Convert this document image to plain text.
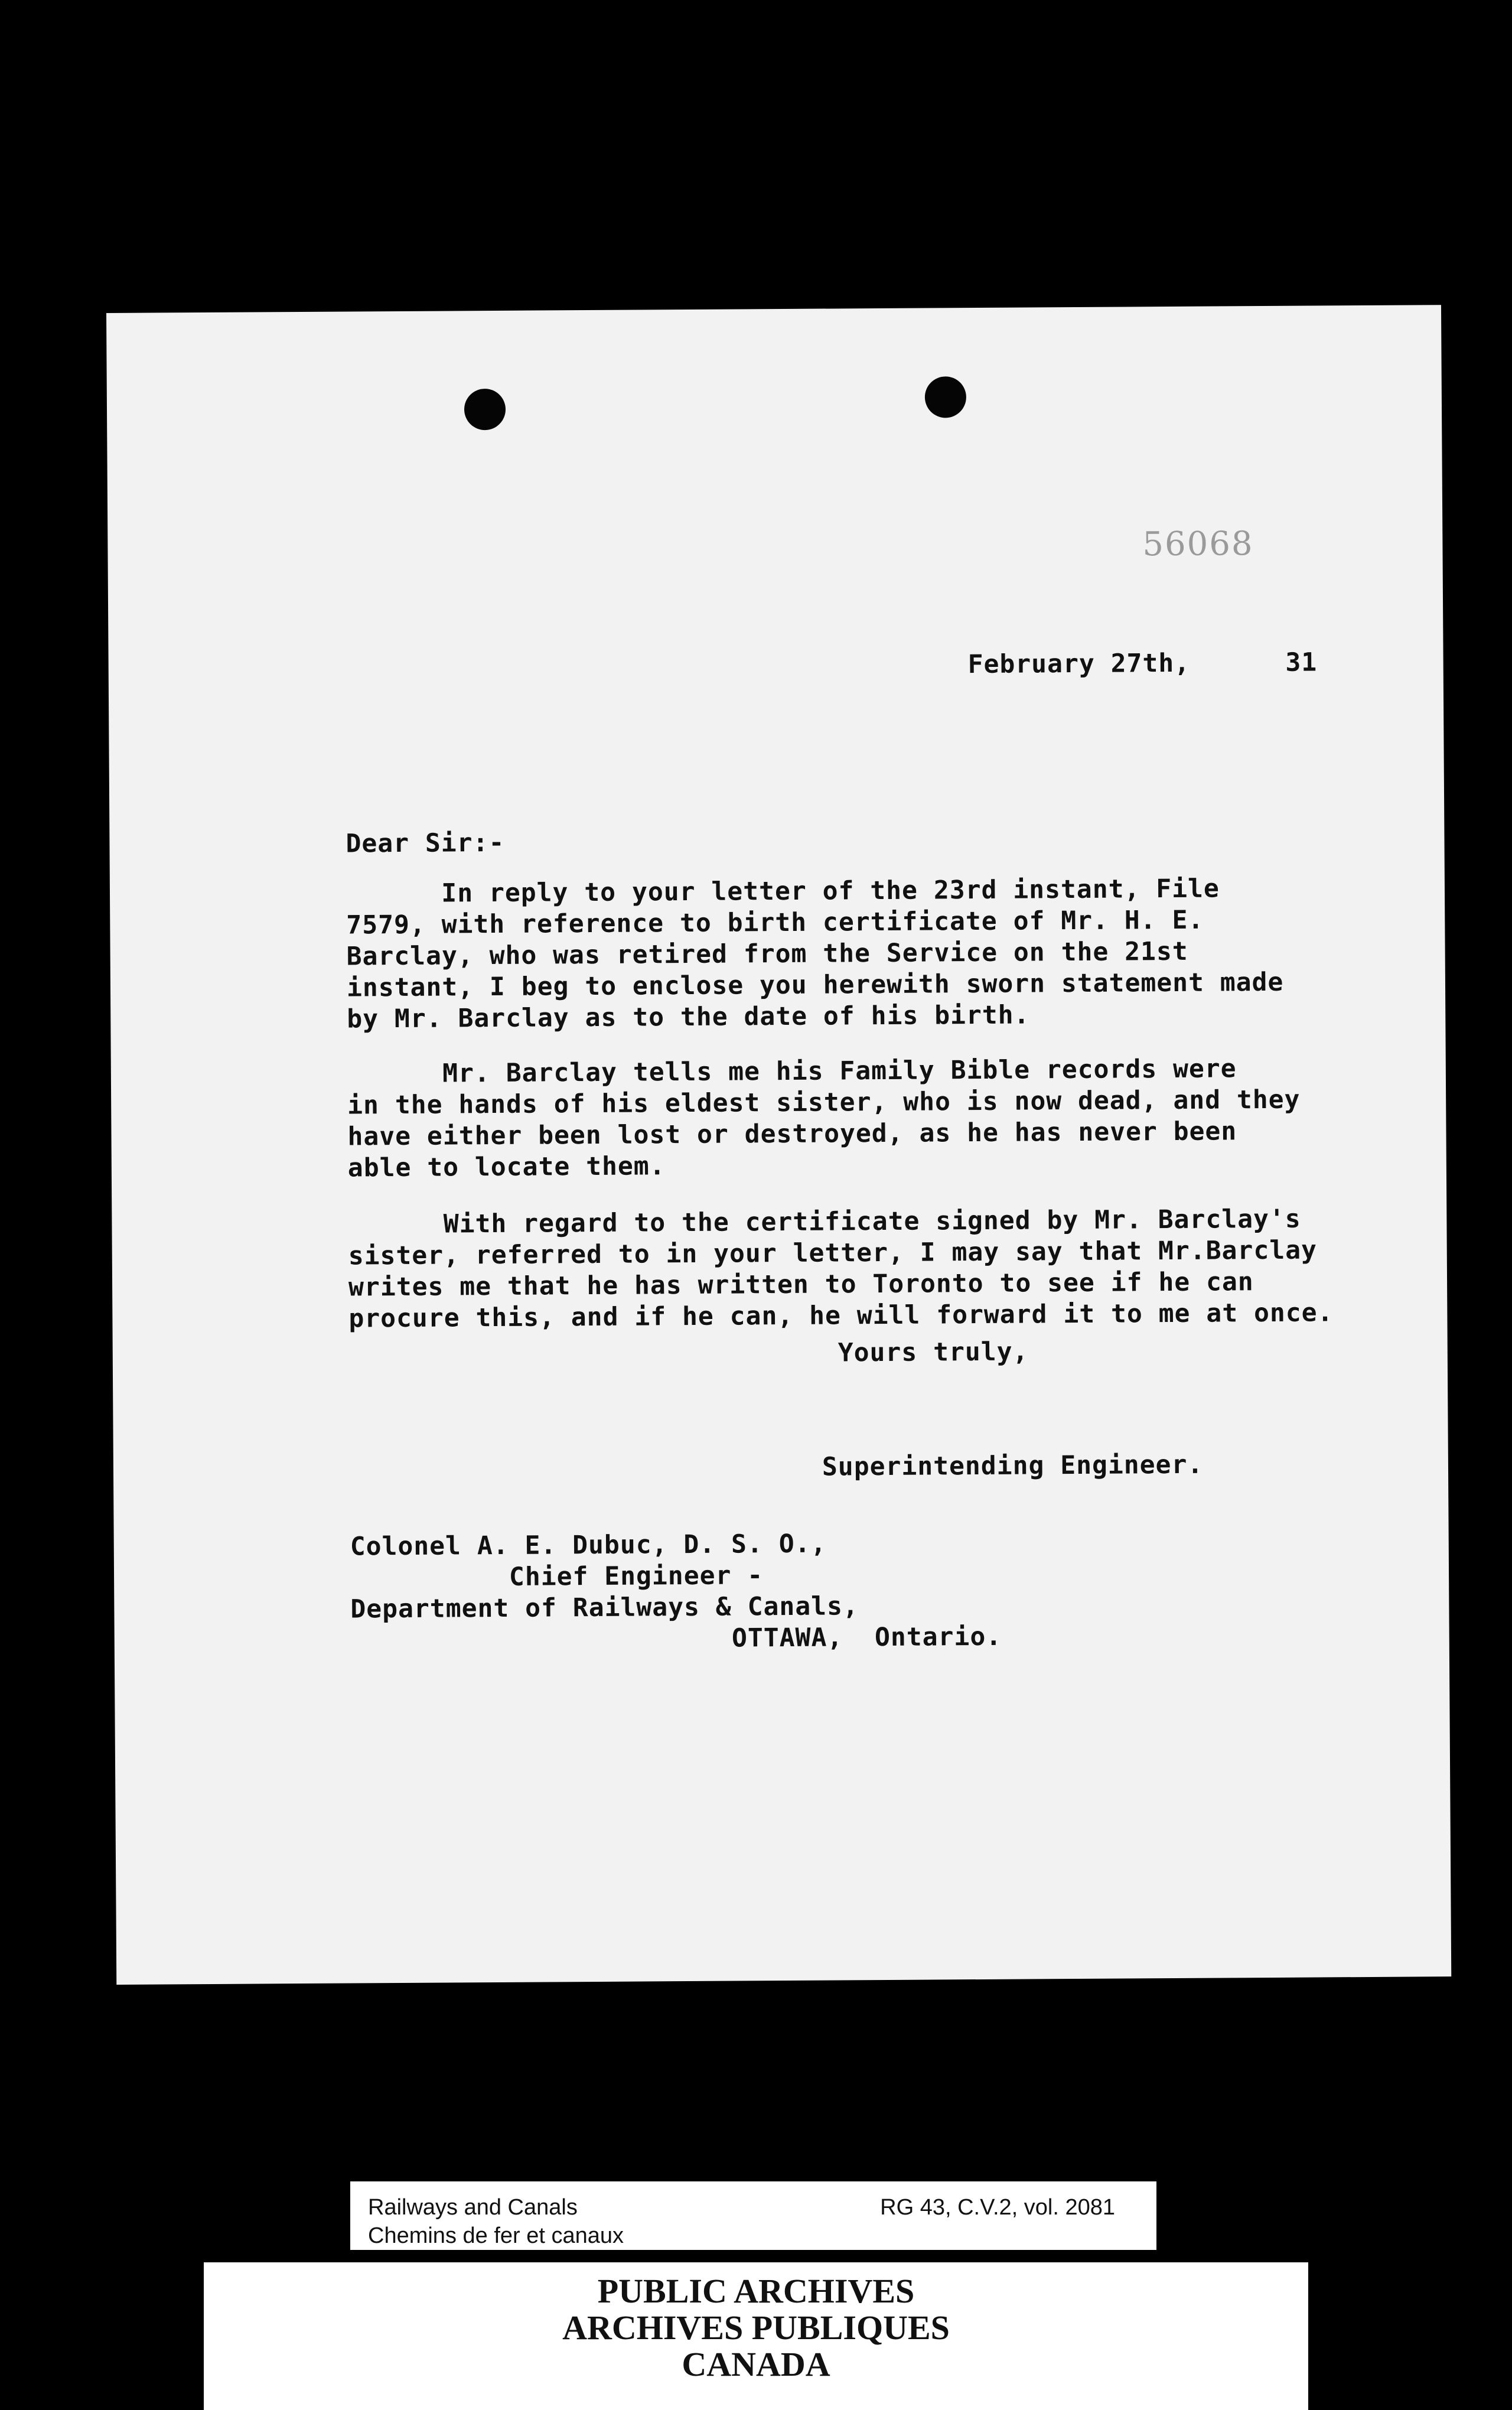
56068
February 27th,      31
Dear Sir:-
In reply to your letter of the 23rd instant, File
7579, with reference to birth certificate of Mr. H. E.
Barclay, who was retired from the Service on the 21st
instant, I beg to enclose you herewith sworn statement made
by Mr. Barclay as to the date of his birth.
Mr. Barclay tells me his Family Bible records were
in the hands of his eldest sister, who is now dead, and they
have either been lost or destroyed, as he has never been
able to locate them.
With regard to the certificate signed by Mr. Barclay's
sister, referred to in your letter, I may say that Mr.Barclay
writes me that he has written to Toronto to see if he can
procure this, and if he can, he will forward it to me at once.
Yours truly,
Superintending Engineer.
Colonel A. E. Dubuc, D. S. O.,
Chief Engineer -
Department of Railways & Canals,
OTTAWA,  Ontario.
Railways and Canals
Chemins de fer et canaux
RG 43, C.V.2, vol. 2081
PUBLIC ARCHIVES
ARCHIVES PUBLIQUES
CANADA
